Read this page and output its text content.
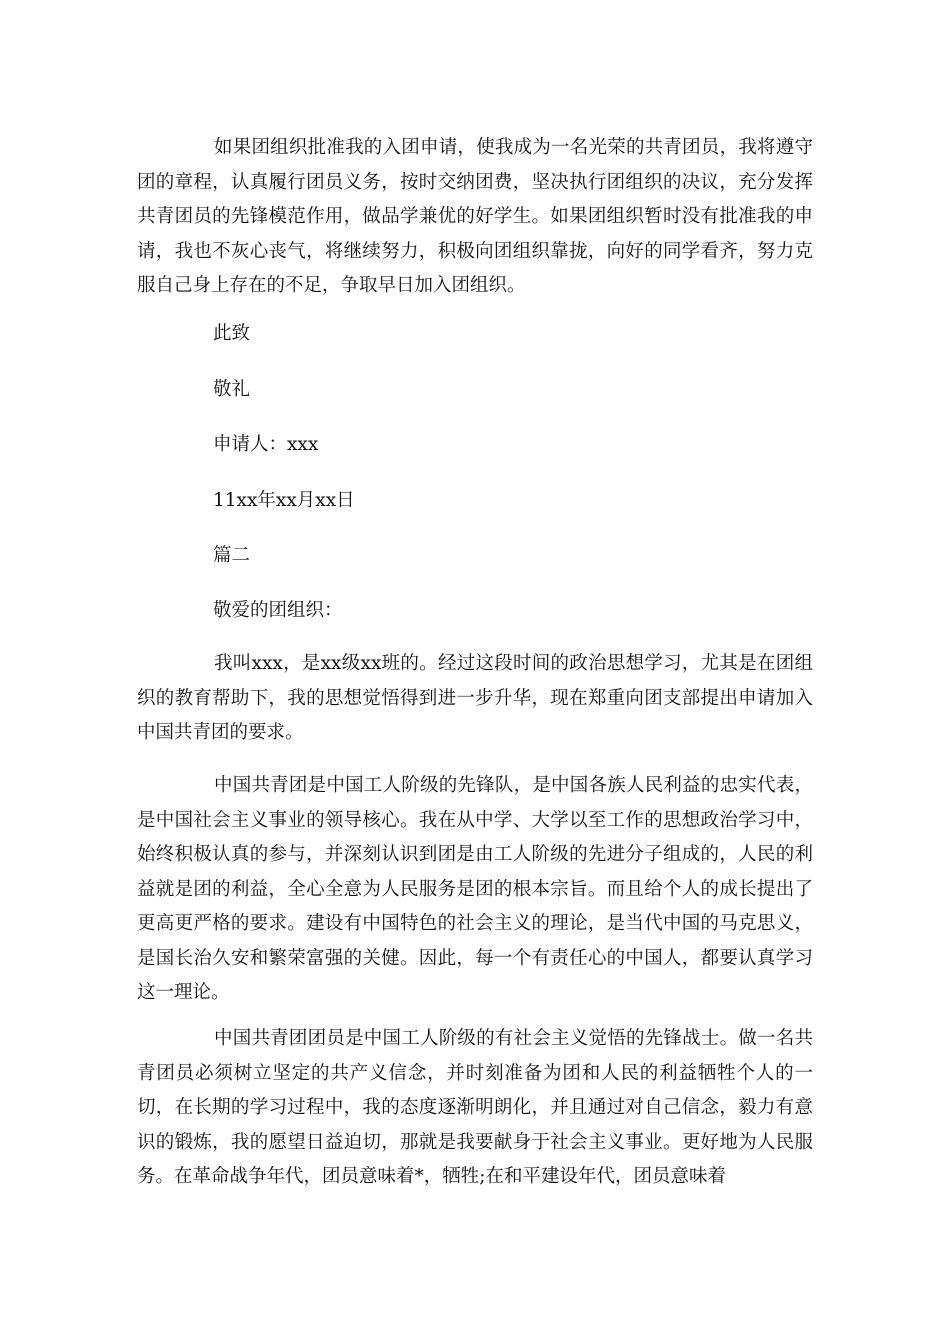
如果团组织批准我的入团申请，使我成为一名光荣的共青团员，我将遵守团的章程，认真履行团员义务，按时交纳团费，坚决执行团组织的决议，充分发挥共青团员的先锋模范作用，做品学兼优的好学生。如果团组织暂时没有批准我的申请，我也不灰心丧气，将继续努力，积极向团组织靠拢，向好的同学看齐，努力克服自己身上存在的不足，争取早日加入团组织。

此致

敬礼

申请人：xxx

11xx年xx月xx日

篇二

敬爱的团组织：

我叫xxx，是xx级xx班的。经过这段时间的政治思想学习，尤其是在团组织的教育帮助下，我的思想觉悟得到进一步升华，现在郑重向团支部提出申请加入中国共青团的要求。

中国共青团是中国工人阶级的先锋队，是中国各族人民利益的忠实代表，是中国社会主义事业的领导核心。我在从中学、大学以至工作的思想政治学习中，始终积极认真的参与，并深刻认识到团是由工人阶级的先进分子组成的，人民的利益就是团的利益，全心全意为人民服务是团的根本宗旨。而且给个人的成长提出了更高更严格的要求。建设有中国特色的社会主义的理论，是当代中国的马克思义，是国长治久安和繁荣富强的关健。因此，每一个有责任心的中国人，都要认真学习这一理论。

中国共青团团员是中国工人阶级的有社会主义觉悟的先锋战士。做一名共青团员必须树立坚定的共产义信念，并时刻准备为团和人民的利益牺牲个人的一切，在长期的学习过程中，我的态度逐渐明朗化，并且通过对自己信念，毅力有意识的锻炼，我的愿望日益迫切，那就是我要献身于社会主义事业。更好地为人民服务。在革命战争年代，团员意味着*，牺牲;在和平建设年代，团员意味着
